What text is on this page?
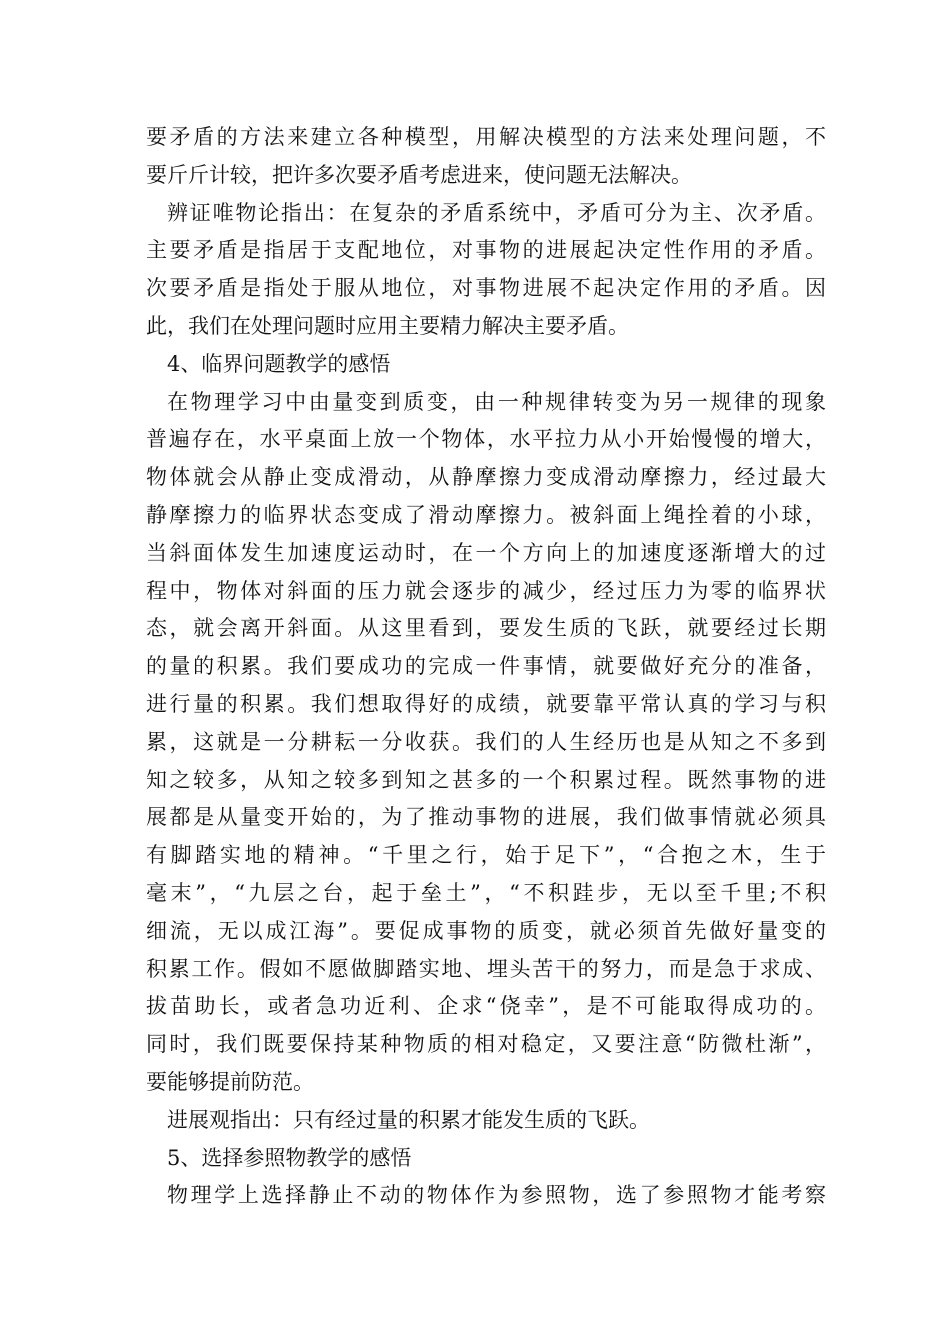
要矛盾的方法来建立各种模型，用解决模型的方法来处理问题，不
要斤斤计较，把许多次要矛盾考虑进来，使问题无法解决。
辨证唯物论指出：在复杂的矛盾系统中，矛盾可分为主、次矛盾。
主要矛盾是指居于支配地位，对事物的进展起决定性作用的矛盾。
次要矛盾是指处于服从地位，对事物进展不起决定作用的矛盾。因
此，我们在处理问题时应用主要精力解决主要矛盾。
4、临界问题教学的感悟
在物理学习中由量变到质变，由一种规律转变为另一规律的现象
普遍存在，水平桌面上放一个物体，水平拉力从小开始慢慢的增大，
物体就会从静止变成滑动，从静摩擦力变成滑动摩擦力，经过最大
静摩擦力的临界状态变成了滑动摩擦力。被斜面上绳拴着的小球，
当斜面体发生加速度运动时，在一个方向上的加速度逐渐增大的过
程中，物体对斜面的压力就会逐步的减少，经过压力为零的临界状
态，就会离开斜面。从这里看到，要发生质的飞跃，就要经过长期
的量的积累。我们要成功的完成一件事情，就要做好充分的准备，
进行量的积累。我们想取得好的成绩，就要靠平常认真的学习与积
累，这就是一分耕耘一分收获。我们的人生经历也是从知之不多到
知之较多，从知之较多到知之甚多的一个积累过程。既然事物的进
展都是从量变开始的，为了推动事物的进展，我们做事情就必须具
有脚踏实地的精神。“千里之行，始于足下”，“合抱之木，生于
毫末”，“九层之台，起于垒土”，“不积跬步，无以至千里;不积
细流，无以成江海”。要促成事物的质变，就必须首先做好量变的
积累工作。假如不愿做脚踏实地、埋头苦干的努力，而是急于求成、
拔苗助长，或者急功近利、企求“侥幸”，是不可能取得成功的。
同时，我们既要保持某种物质的相对稳定，又要注意“防微杜渐”，
要能够提前防范。
进展观指出：只有经过量的积累才能发生质的飞跃。
5、选择参照物教学的感悟
物理学上选择静止不动的物体作为参照物，选了参照物才能考察
